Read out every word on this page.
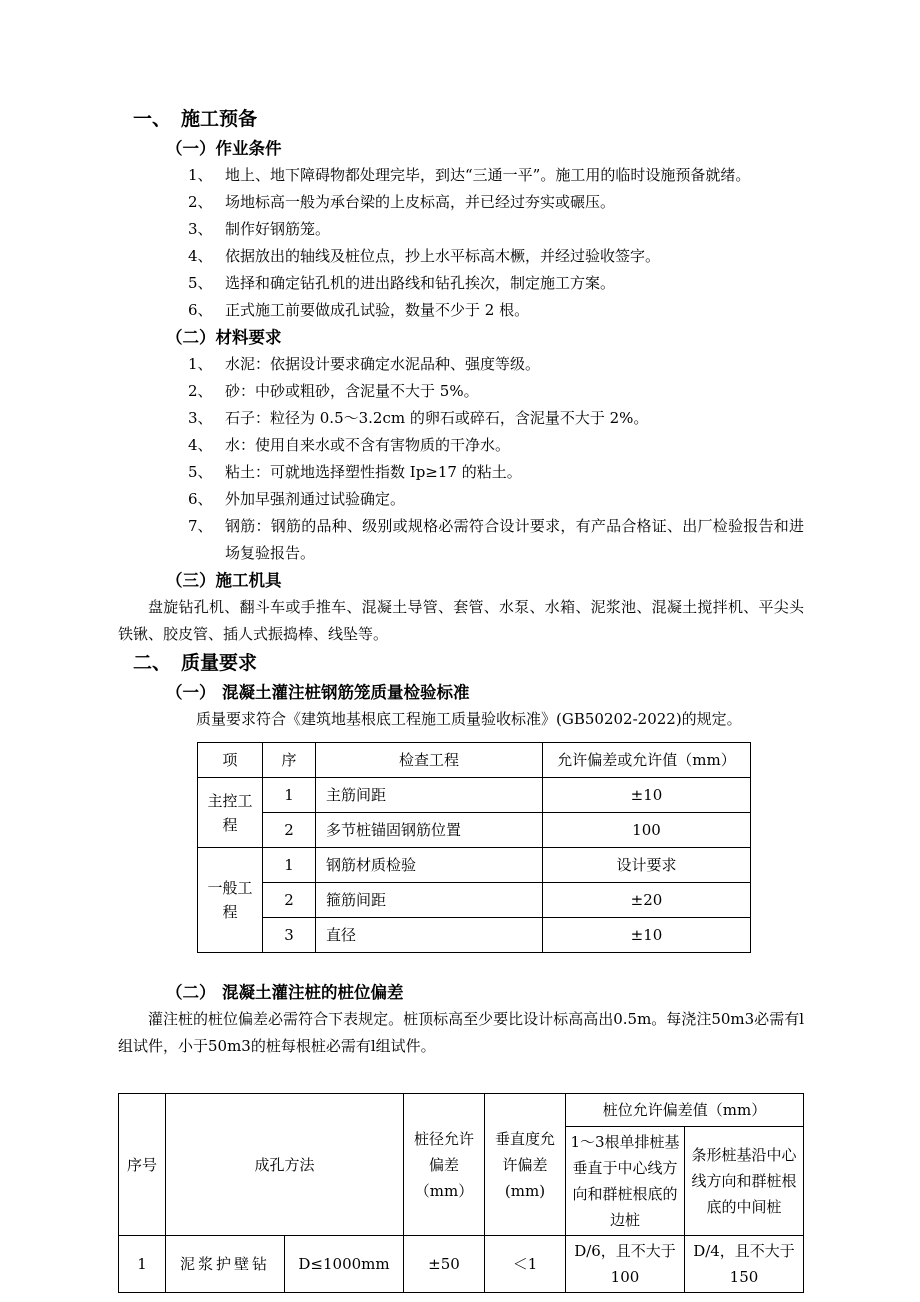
一、 施工预备
（一）作业条件
1、 地上、地下障碍物都处理完毕，到达“三通一平”。施工用的临时设施预备就绪。
2、 场地标高一般为承台梁的上皮标高，并已经过夯实或碾压。
3、 制作好钢筋笼。
4、 依据放出的轴线及桩位点，抄上水平标高木橛，并经过验收签字。
5、 选择和确定钻孔机的进出路线和钻孔挨次，制定施工方案。
6、 正式施工前要做成孔试验，数量不少于 2 根。
（二）材料要求
1、 水泥：依据设计要求确定水泥品种、强度等级。
2、 砂：中砂或粗砂，含泥量不大于 5%。
3、 石子：粒径为 0.5～3.2cm 的卵石或碎石，含泥量不大于 2%。
4、 水：使用自来水或不含有害物质的干净水。
5、 粘土：可就地选择塑性指数 Ip≥17 的粘土。
6、 外加早强剂通过试验确定。
7、 钢筋：钢筋的品种、级别或规格必需符合设计要求，有产品合格证、出厂检验报告和进场复验报告。
（三）施工机具

盘旋钻孔机、翻斗车或手推车、混凝土导管、套管、水泵、水箱、泥浆池、混凝土搅拌机、平尖头铁锹、胶皮管、插人式振捣棒、线坠等。

二、 质量要求
（一） 混凝土灌注桩钢筋笼质量检验标准

质量要求符合《建筑地基根底工程施工质量验收标准》(GB50202-2022)的规定。

项	序	检查工程	允许偏差或允许值（mm）
主控工程	1	主筋间距	±10
	2	多节桩锚固钢筋位置	100
一般工程	1	钢筋材质检验	设计要求
	2	箍筋间距	±20
	3	直径	±10
（二） 混凝土灌注桩的桩位偏差

灌注桩的桩位偏差必需符合下表规定。桩顶标高至少要比设计标高高出0.5m。每浇注50m3必需有l组试件，小于50m3的桩每根桩必需有l组试件。

序号	成孔方法		桩径允许偏差（mm）	垂直度允许偏差(mm)	桩位允许偏差值（mm）	
					1～3根单排桩基垂直于中心线方向和群桩根底的边桩	条形桩基沿中心线方向和群桩根底的中间桩
1	泥浆护壁钻	D≤1000mm	±50	＜1	D/6，且不大于100	D/4，且不大于150
